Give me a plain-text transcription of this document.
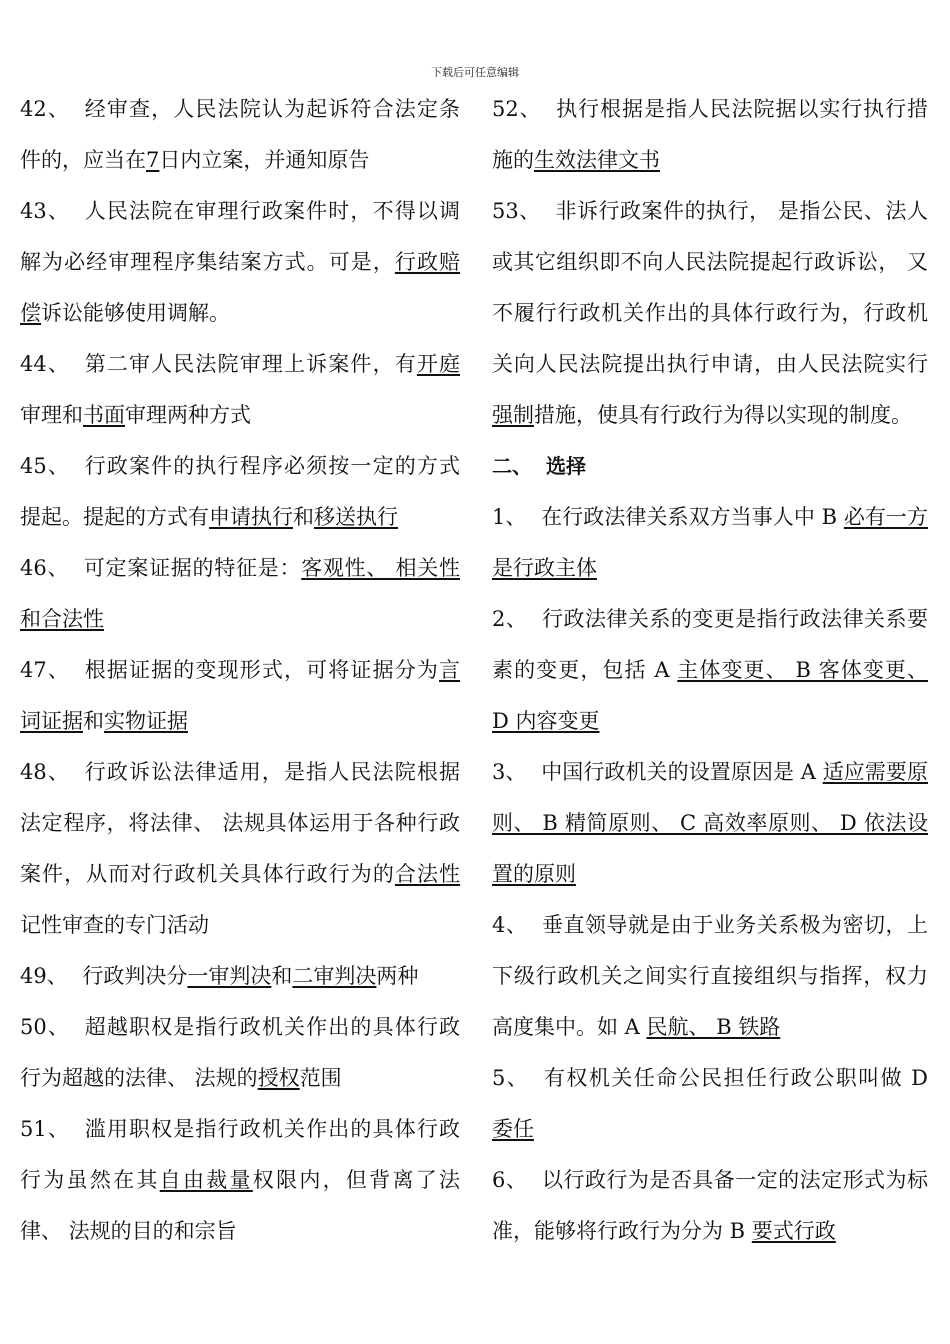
下载后可任意编辑

42、 经审查，人民法院认为起诉符合法定条件的，应当在7日内立案，并通知原告

43、 人民法院在审理行政案件时，不得以调解为必经审理程序集结案方式。可是，行政赔偿诉讼能够使用调解。

44、 第二审人民法院审理上诉案件，有开庭审理和书面审理两种方式

45、 行政案件的执行程序必须按一定的方式提起。提起的方式有申请执行和移送执行

46、 可定案证据的特征是：客观性、 相关性和合法性

47、 根据证据的变现形式，可将证据分为言词证据和实物证据

48、 行政诉讼法律适用，是指人民法院根据法定程序，将法律、 法规具体运用于各种行政案件，从而对行政机关具体行政行为的合法性记性审查的专门活动

49、 行政判决分一审判决和二审判决两种

50、 超越职权是指行政机关作出的具体行政行为超越的法律、 法规的授权范围

51、 滥用职权是指行政机关作出的具体行政行为虽然在其自由裁量权限内，但背离了法律、 法规的目的和宗旨

52、 执行根据是指人民法院据以实行执行措施的生效法律文书

53、 非诉行政案件的执行， 是指公民、法人或其它组织即不向人民法院提起行政诉讼， 又不履行行政机关作出的具体行政行为，行政机关向人民法院提出执行申请，由人民法院实行强制措施，使具有行政行为得以实现的制度。

二、 选择

1、 在行政法律关系双方当事人中 B 必有一方是行政主体

2、 行政法律关系的变更是指行政法律关系要素的变更，包括 A 主体变更、 B 客体变更、 D 内容变更

3、 中国行政机关的设置原因是 A 适应需要原则、 B 精简原则、 C 高效率原则、 D 依法设置的原则

4、 垂直领导就是由于业务关系极为密切，上下级行政机关之间实行直接组织与指挥，权力高度集中。如 A 民航、 B 铁路

5、 有权机关任命公民担任行政公职叫做 D 委任

6、 以行政行为是否具备一定的法定形式为标准，能够将行政行为分为 B 要式行政
